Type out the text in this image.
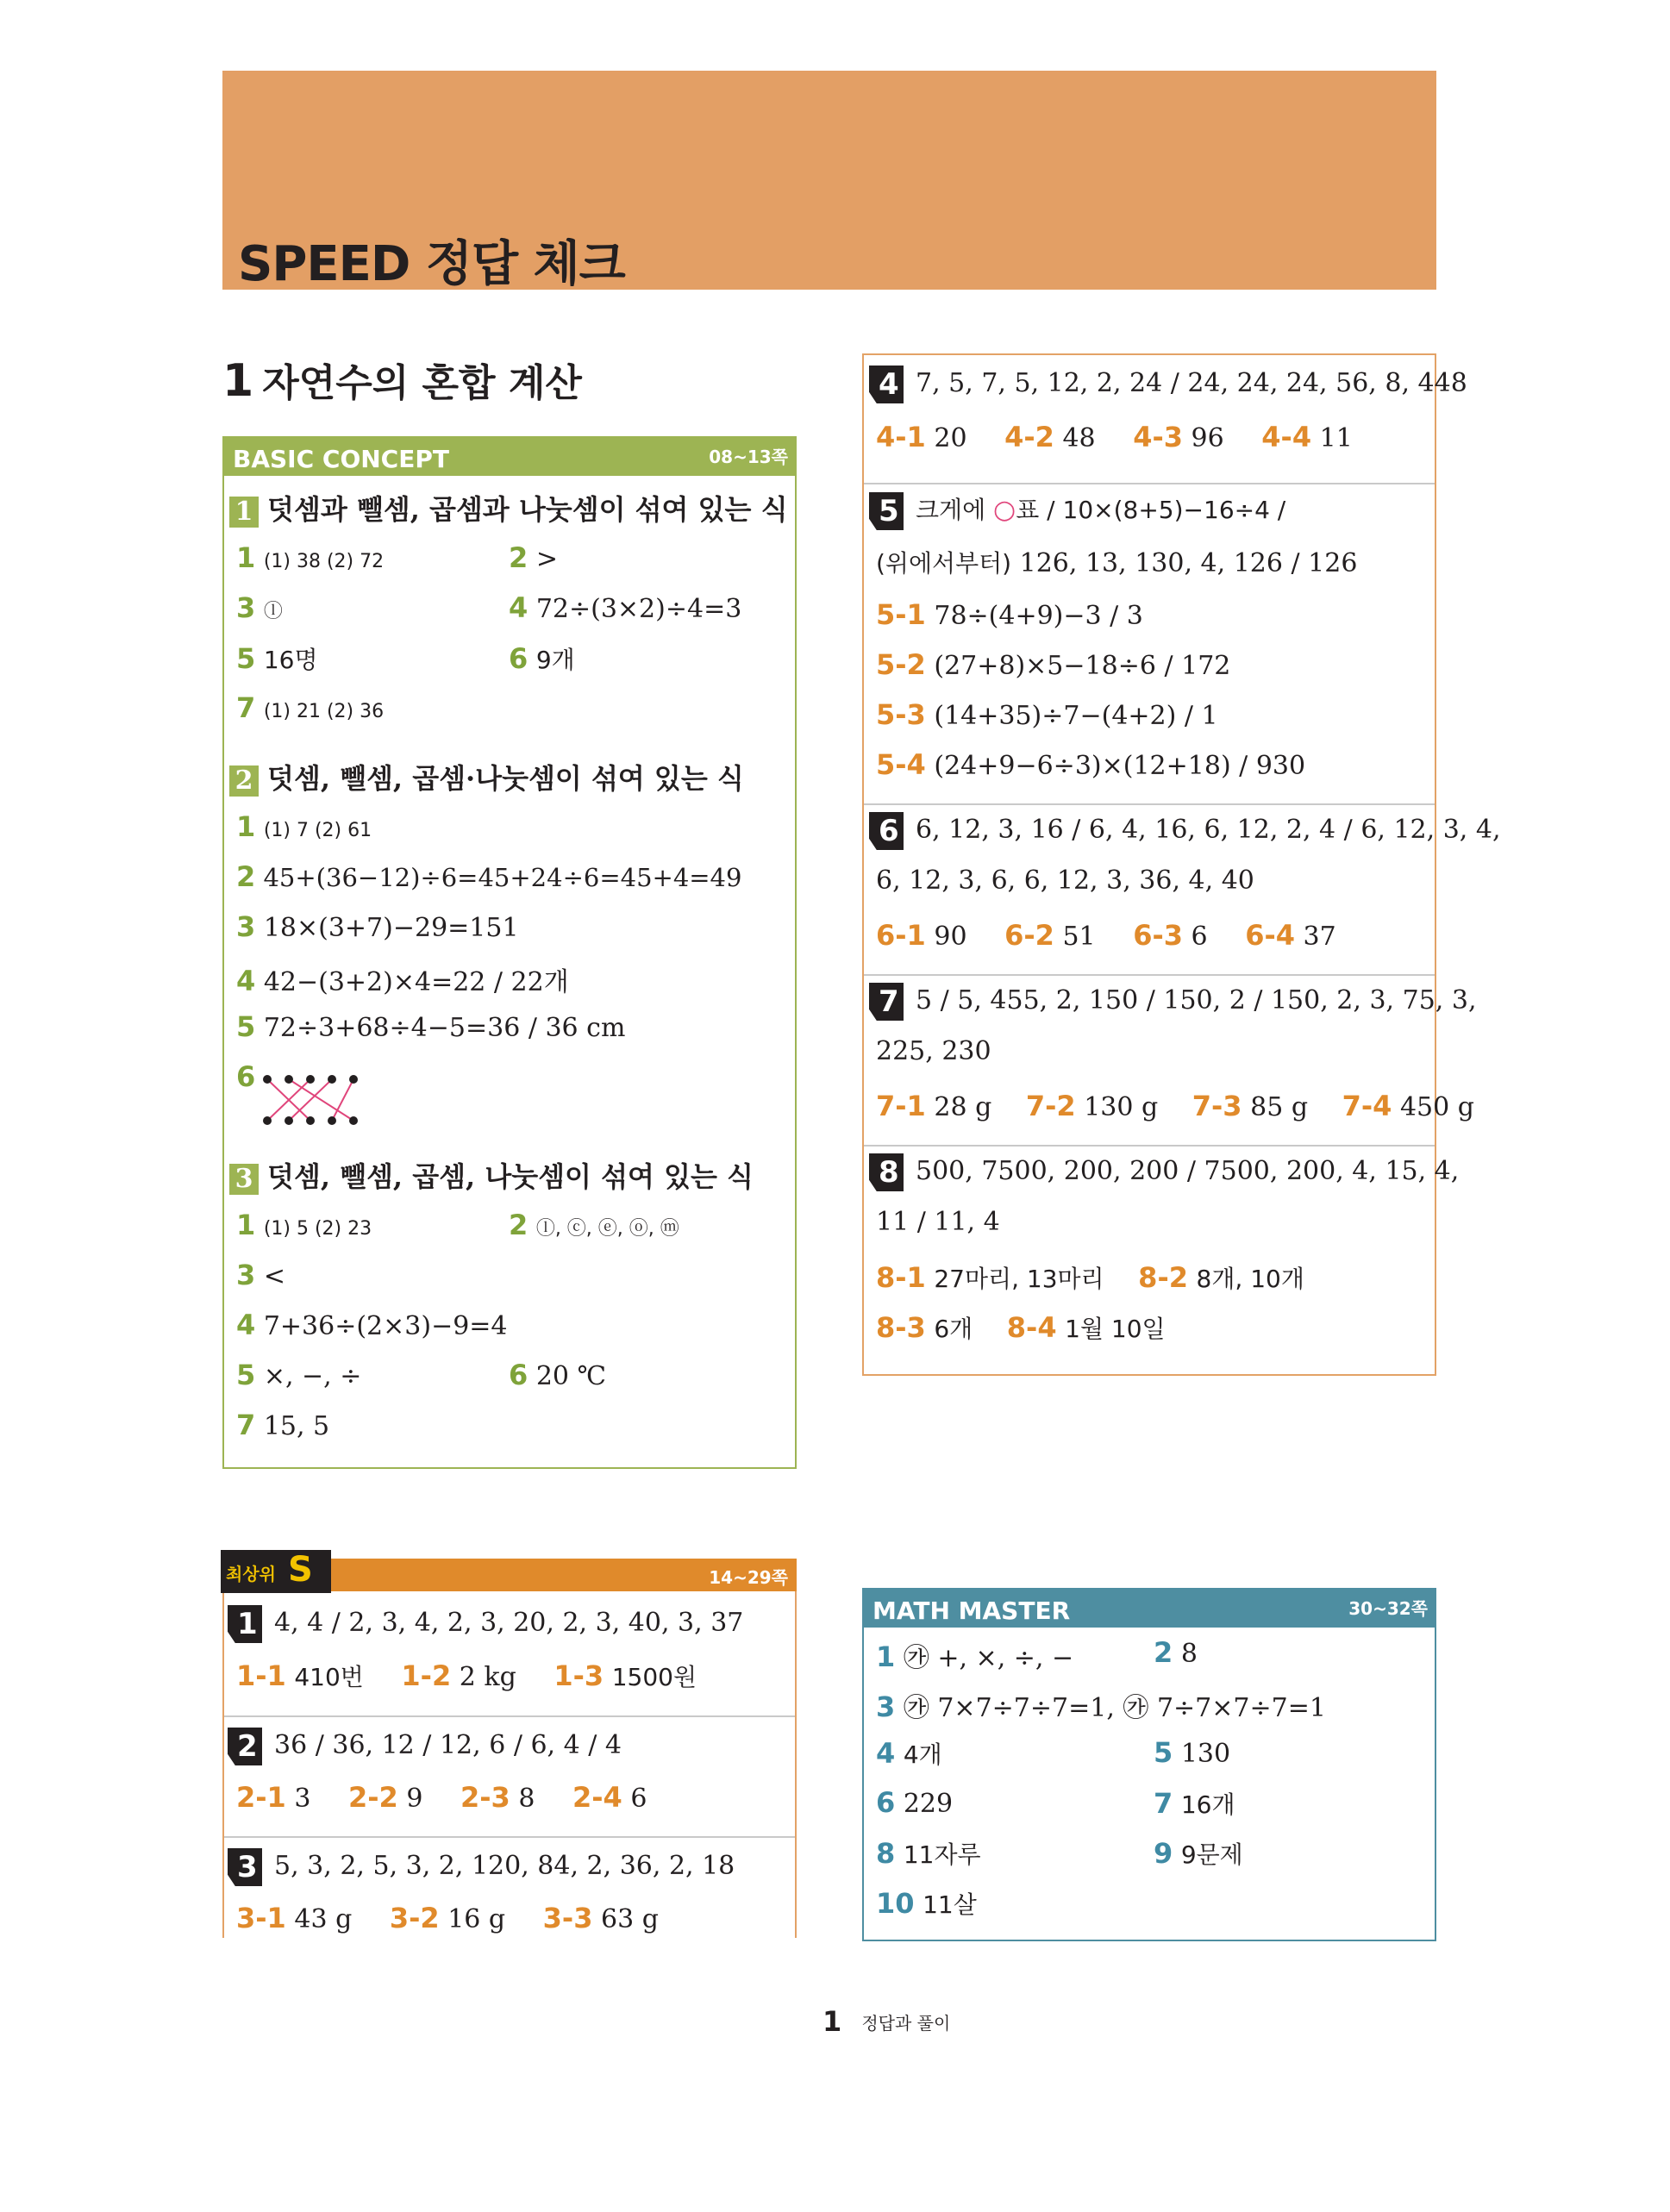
SPEED 정답 체크
1 자연수의 혼합 계산
BASIC CONCEPT	08~13쪽
1 덧셈과 뺄셈, 곱셈과 나눗셈이 섞여 있는 식
1 (1) 38 (2) 72	2 >
3 ⓛ	4 72÷(3×2)÷4=3
5 16명	6 9개
7 (1) 21 (2) 36
2 덧셈, 뺄셈, 곱셈·나눗셈이 섞여 있는 식
1 (1) 7 (2) 61
2 45+(36−12)÷6=45+24÷6=45+4=49
3 18×(3+7)−29=151
4 42−(3+2)×4=22 / 22개
5 72÷3+68÷4−5=36 / 36 cm
6
3 덧셈, 뺄셈, 곱셈, 나눗셈이 섞여 있는 식
1 (1) 5 (2) 23	2 ⓛ, ⓒ, ⓔ, ⓞ, ⓜ
3 <
4 7+36÷(2×3)−9=4
5 ×, −, ÷	6 20 ℃
7 15, 5
4 7, 5, 7, 5, 12, 2, 24 / 24, 24, 24, 56, 8, 448
4-1 20 4-2 48 4-3 96 4-4 11
5 크게에 ○표 / 10×(8+5)−16÷4 /
(위에서부터) 126, 13, 130, 4, 126 / 126
5-1 78÷(4+9)−3 / 3
5-2 (27+8)×5−18÷6 / 172
5-3 (14+35)÷7−(4+2) / 1
5-4 (24+9−6÷3)×(12+18) / 930
6 6, 12, 3, 16 / 6, 4, 16, 6, 12, 2, 4 / 6, 12, 3, 4,
6, 12, 3, 6, 6, 12, 3, 36, 4, 40
6-1 90 6-2 51 6-3 6 6-4 37
7 5 / 5, 455, 2, 150 / 150, 2 / 150, 2, 3, 75, 3,
225, 230
7-1 28 g 7-2 130 g 7-3 85 g 7-4 450 g
8 500, 7500, 200, 200 / 7500, 200, 4, 15, 4,
11 / 11, 4
8-1 27마리, 13마리 8-2 8개, 10개
8-3 6개 8-4 1월 10일
14~29쪽
최상위 S
1 4, 4 / 2, 3, 4, 2, 3, 20, 2, 3, 40, 3, 37
1-1 410번 1-2 2 kg 1-3 1500원
2 36 / 36, 12 / 12, 6 / 6, 4 / 4
2-1 3 2-2 9 2-3 8 2-4 6
3 5, 3, 2, 5, 3, 2, 120, 84, 2, 36, 2, 18
3-1 43 g 3-2 16 g 3-3 63 g
MATH MASTER	30~32쪽
1 ㉮ +, ×, ÷, −	2 8
3 ㉮ 7×7÷7÷7=1, ㉮ 7÷7×7÷7=1
4 4개	5 130
6 229	7 16개
8 11자루	9 9문제
10 11살
1 정답과 풀이
